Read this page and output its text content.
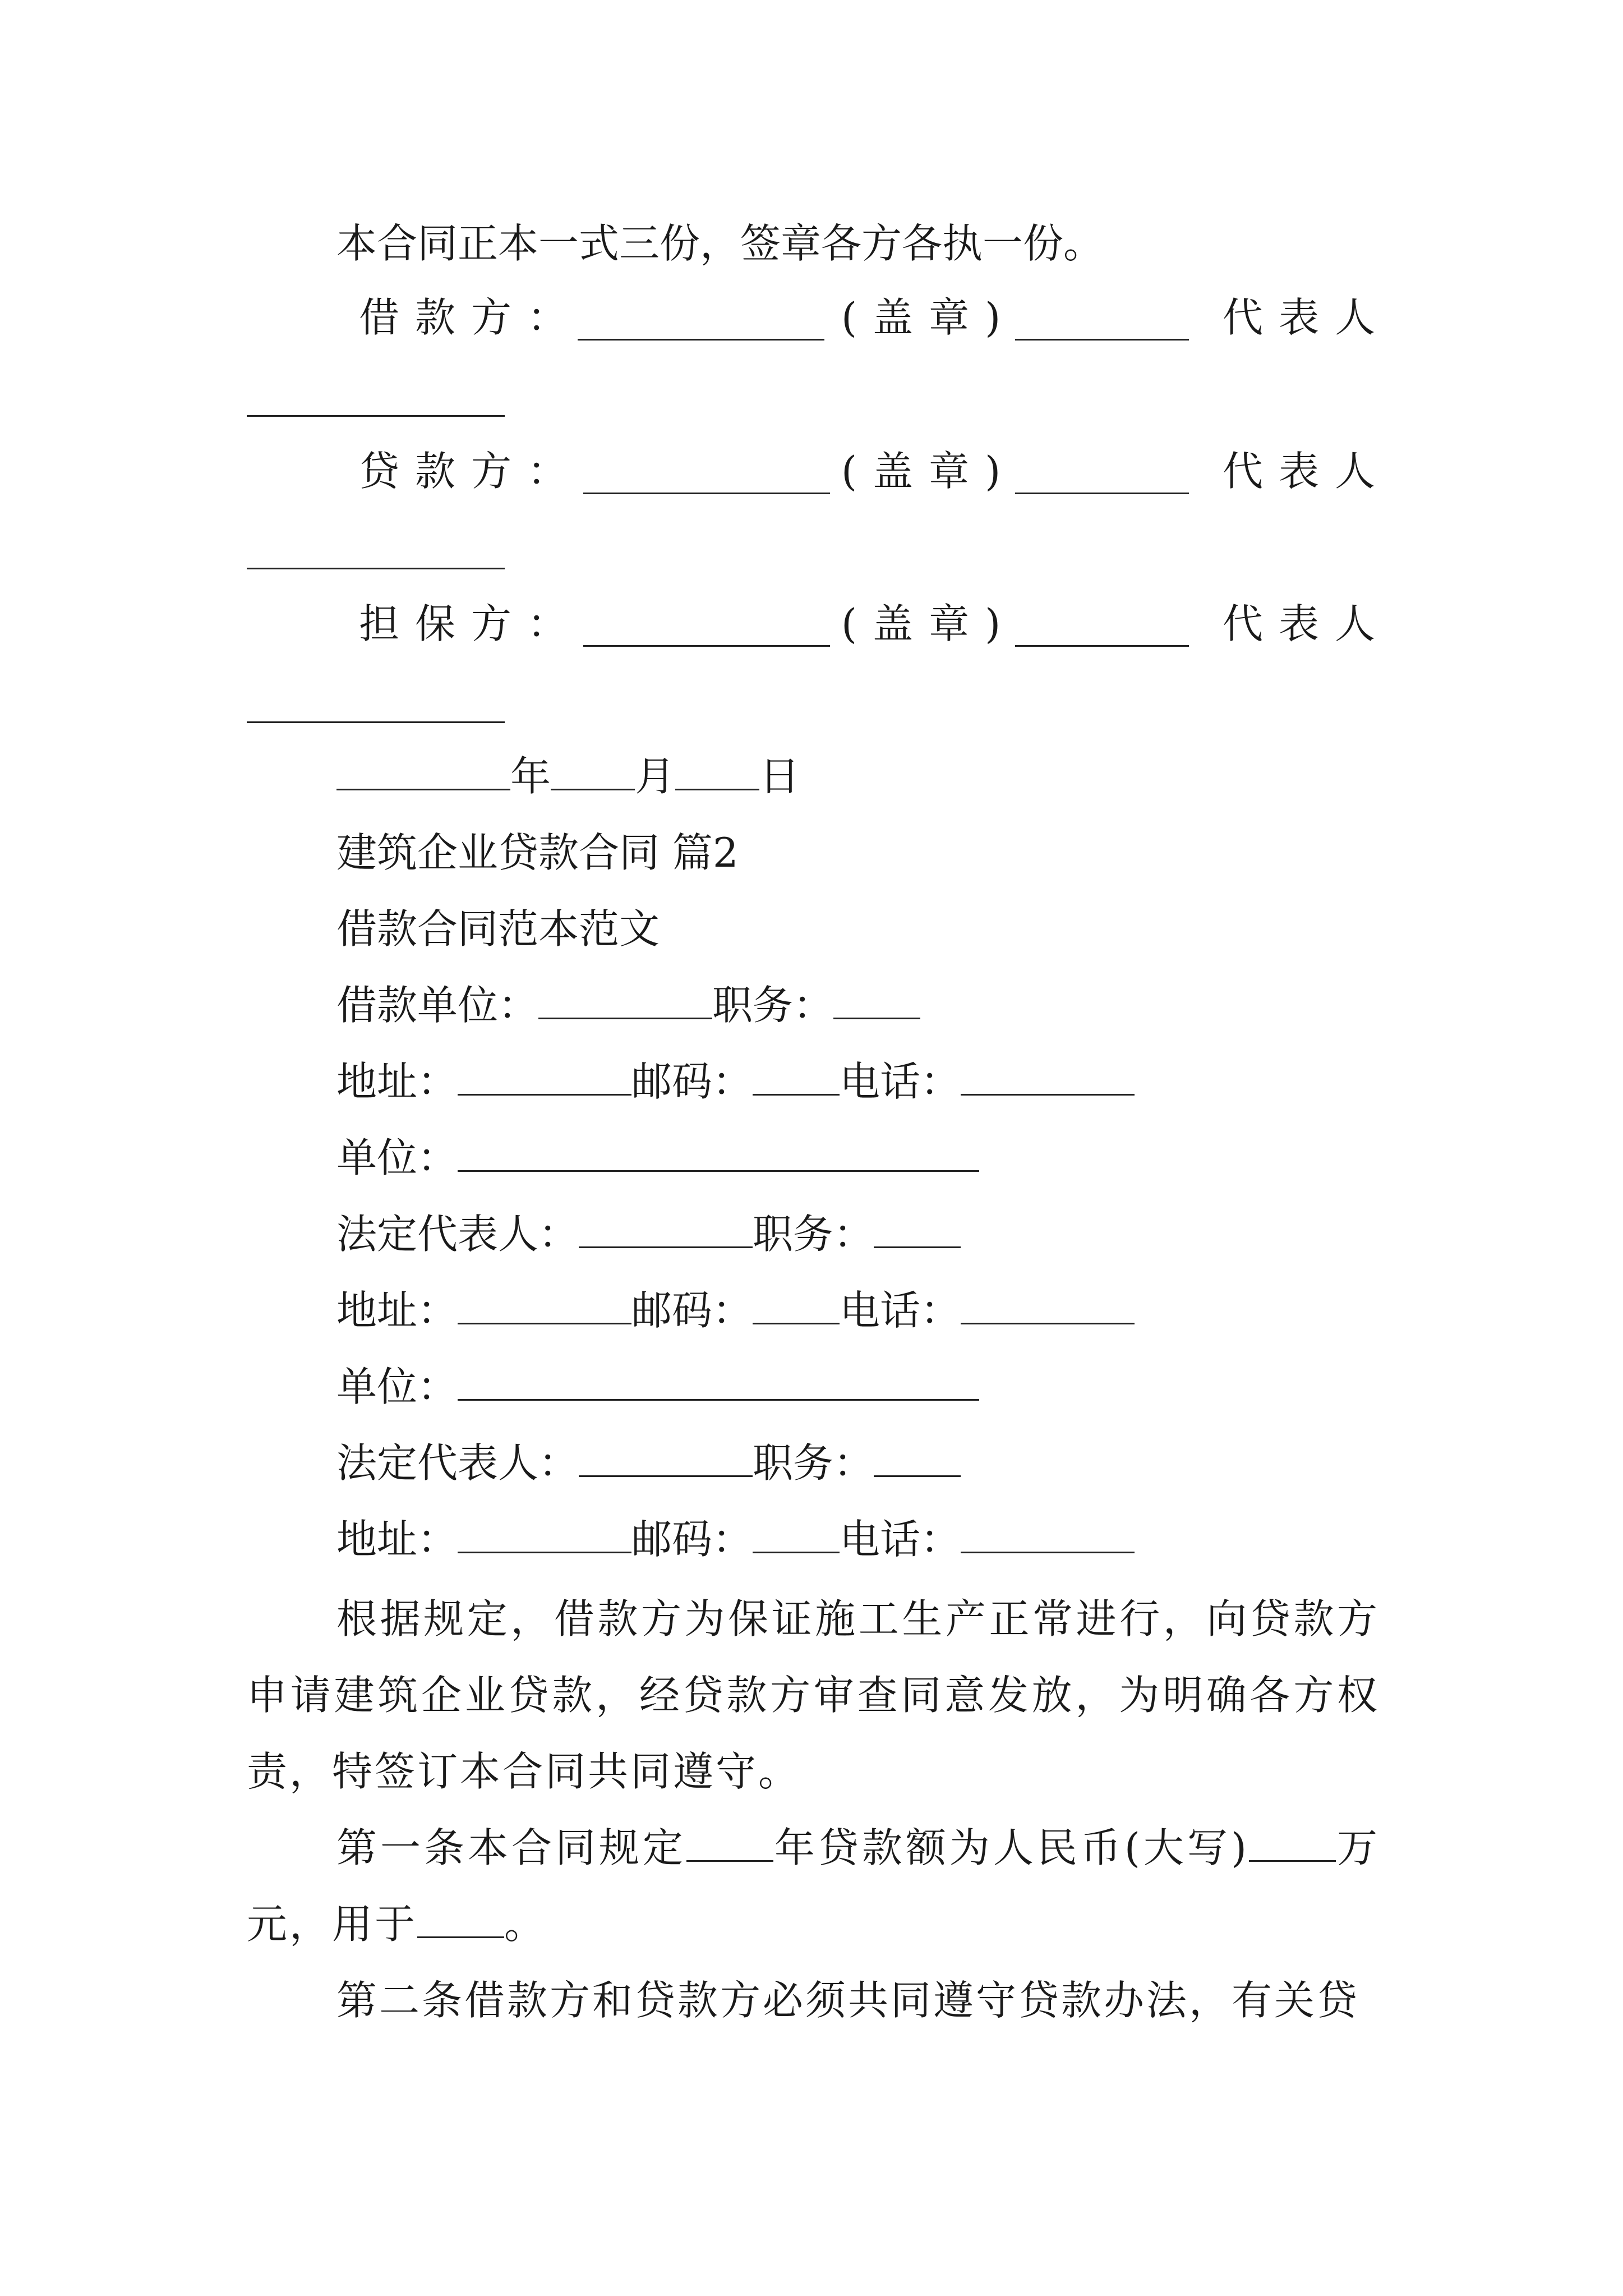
本合同正本一式三份，签章各方各执一份。
借款方：	(盖章)	代表人
贷款方：	(盖章)	代表人
担保方：	(盖章)	代表人
年 月 日
建筑企业贷款合同 篇2
借款合同范本范文
借款单位：	职务：
地址：	邮码： 电话：
单位：
法定代表人：	职务：
地址：	邮码： 电话：
单位：
法定代表人：	职务：
地址：	邮码： 电话：
根据规定，借款方为保证施工生产正常进行，向贷款方申请建筑企业贷款，经贷款方审查同意发放，为明确各方权责，特签订本合同共同遵守。
第一条本合同规定 年贷款额为人民币(大写) 万元，用于 。
第二条借款方和贷款方必须共同遵守贷款办法，有关贷
